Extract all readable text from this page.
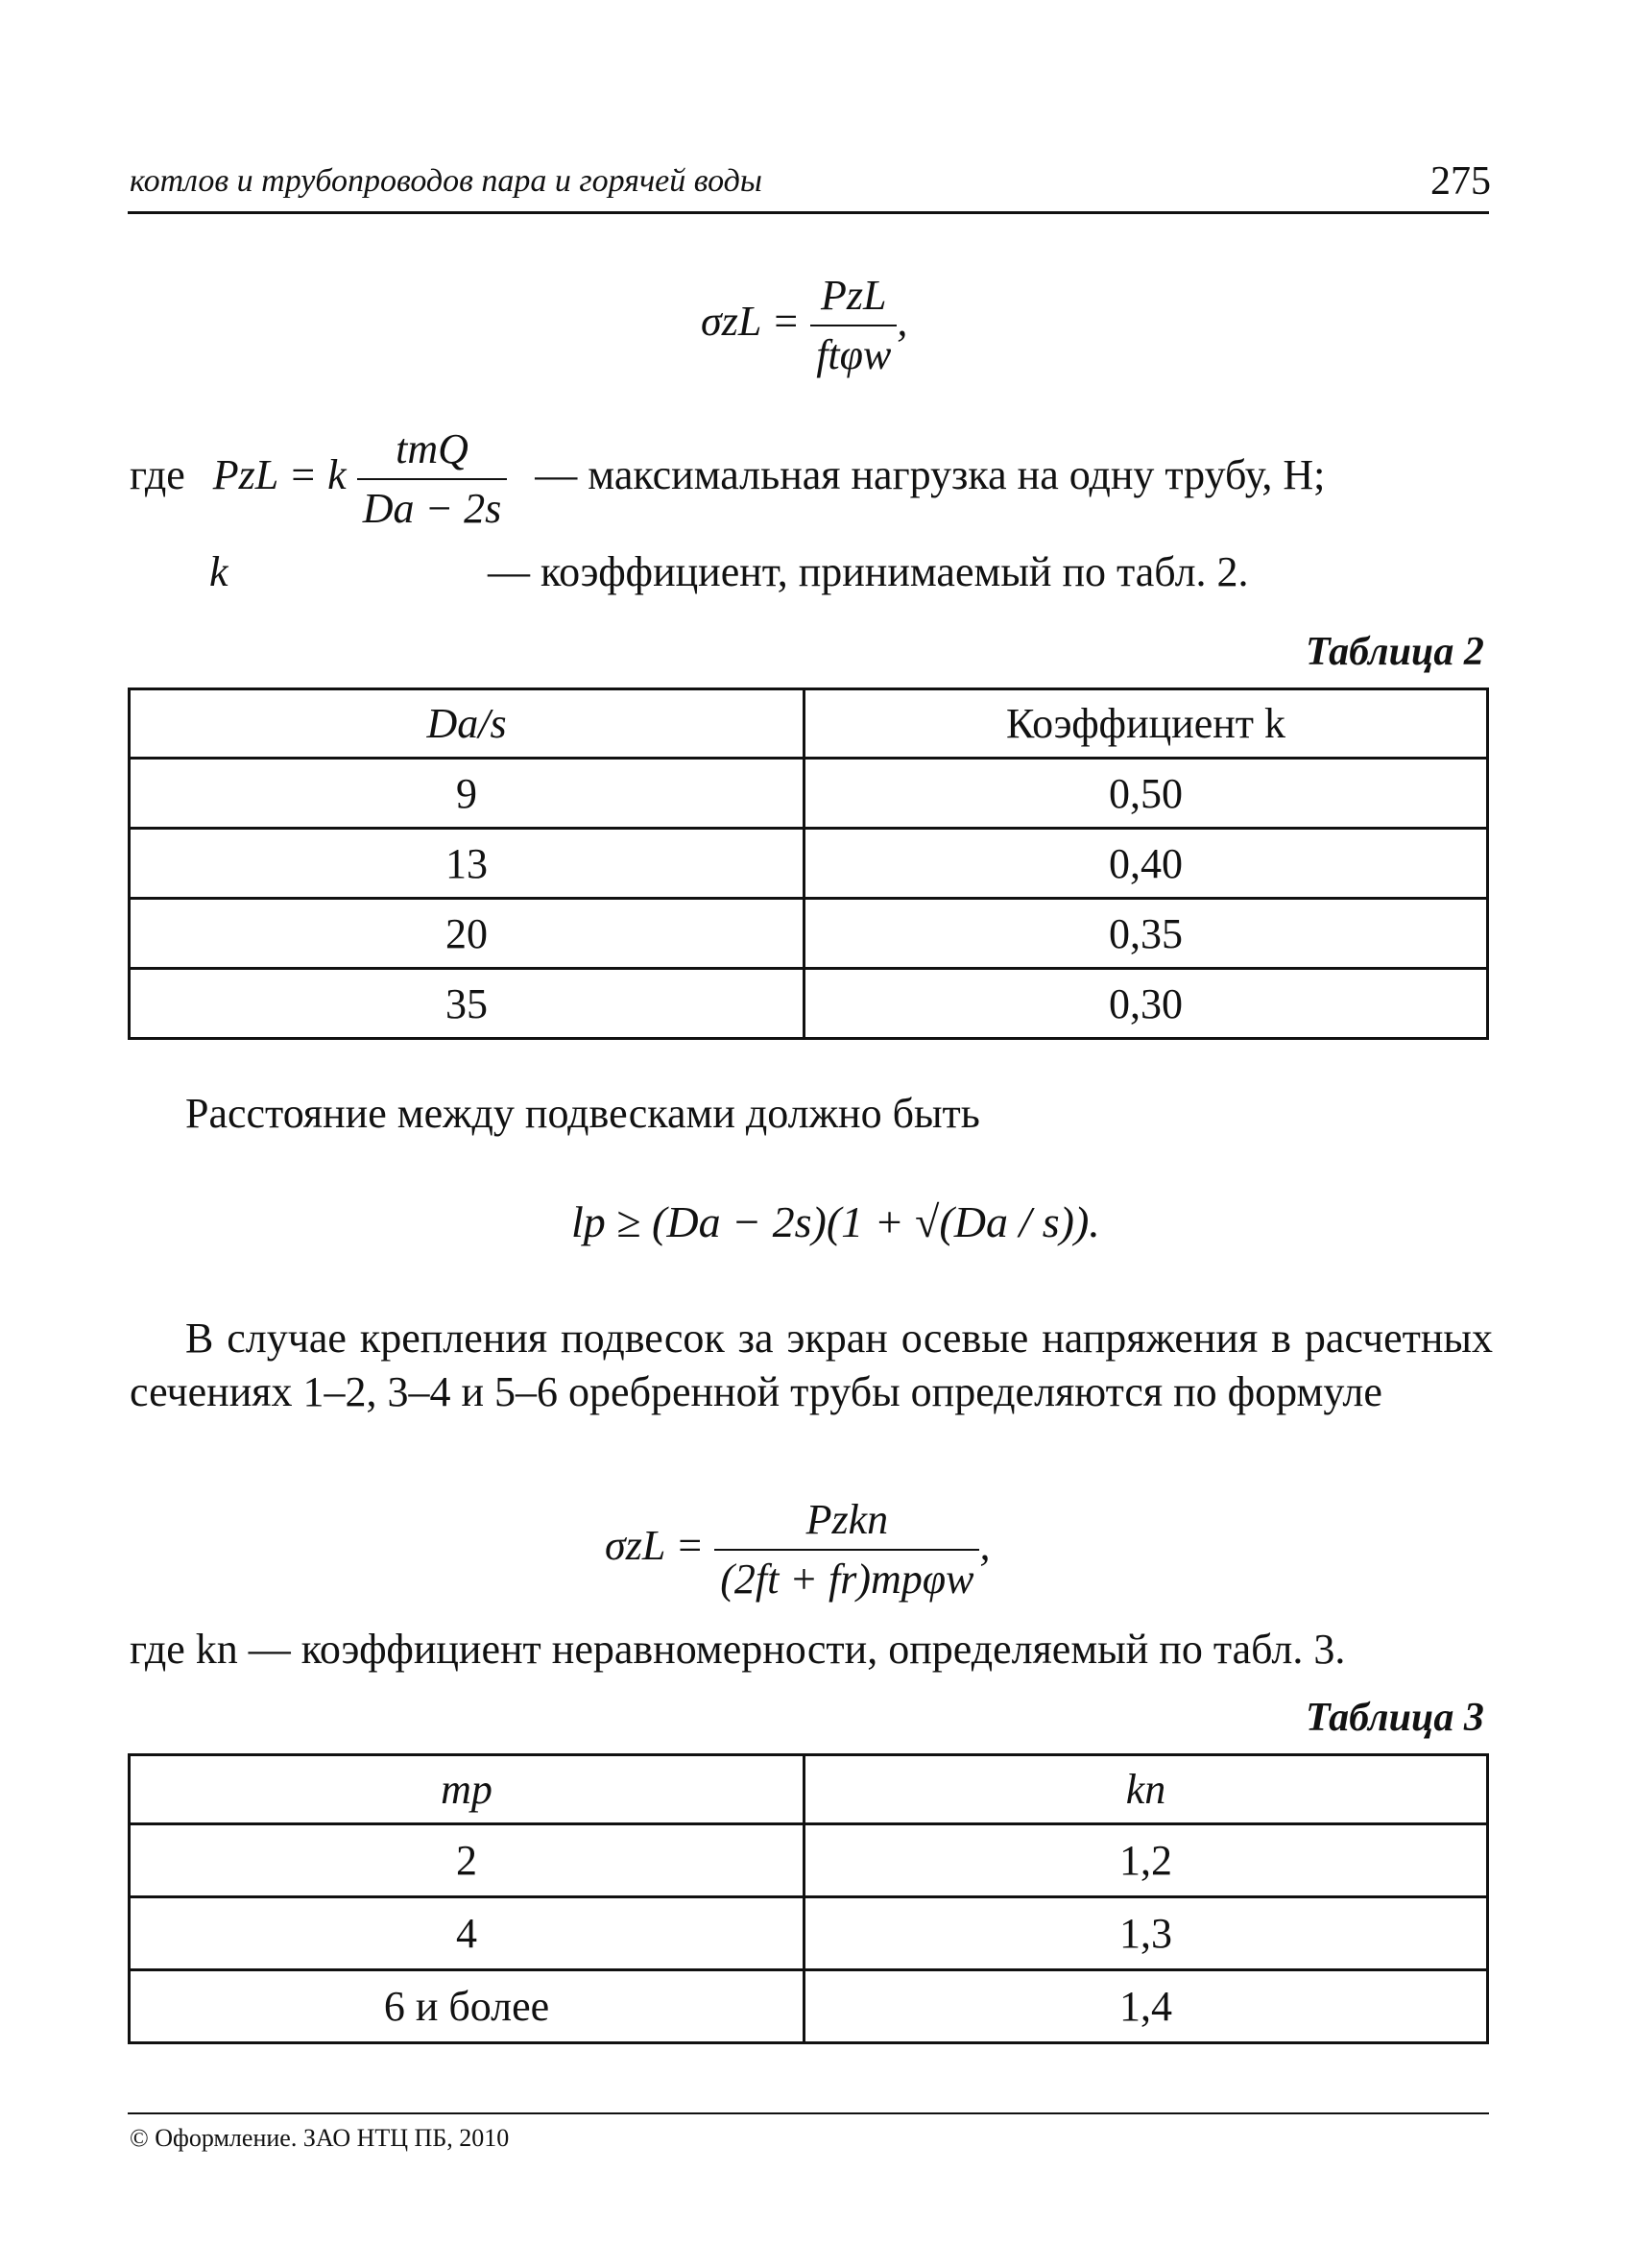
котлов и трубопроводов пара и горячей воды	275
$\sigma zL = \frac{\text{PzL}}{\text{ftφw}}$ ,
где PzL = k $\frac{\text{tmQ}}{Da - 2s}$ — максимальная нагрузка на одну трубу, Н;
k	— коэффициент, принимаемый по табл. 2.
Таблица 2
Da/s	Коэффициент k
9	0,50
13	0,40
20	0,35
35	0,30
Расстояние между подвесками должно быть
lp ≥ (Da − 2s)(1 + √(Da / s)).
В случае крепления подвесок за экран осевые напряжения в расчетных сечениях 1–2, 3–4 и 5–6 оребренной трубы определяются по формуле
$\sigma zL = \frac{\text{Pzkn}}{\text{(2ft + fr)mpφw}}$ ,
где kn — коэффициент неравномерности, определяемый по табл. 3.
Таблица 3
mp	kn
2	1,2
4	1,3
6 и более	1,4
© Оформление. ЗАО НТЦ ПБ, 2010
